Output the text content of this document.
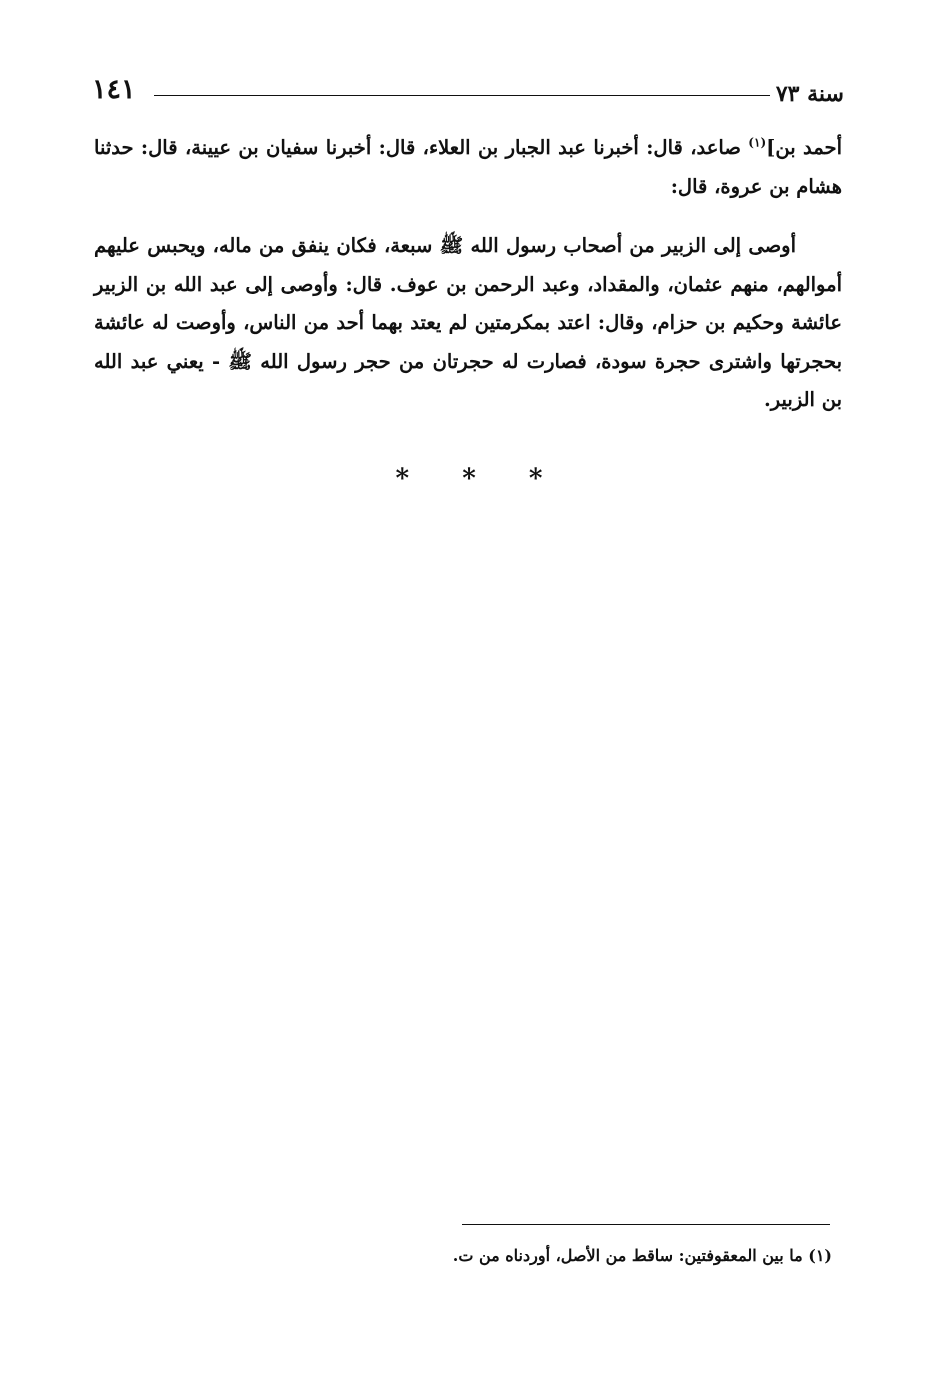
١٤١	سنة ٧٣
أحمد بن]$^{(١)}$ صاعد، قال: أخبرنا عبد الجبار بن العلاء، قال: أخبرنا سفيان بن عيينة، قال: حدثنا هشام بن عروة، قال:
أوصى إلى الزبير من أصحاب رسول الله ﷺ سبعة، فكان ينفق من ماله، ويحبس عليهم أموالهم، منهم عثمان، والمقداد، وعبد الرحمن بن عوف. قال: وأوصى إلى عبد الله بن الزبير عائشة وحكيم بن حزام، وقال: اعتد بمكرمتين لم يعتد بهما أحد من الناس، وأوصت له عائشة بحجرتها واشترى حجرة سودة، فصارت له حجرتان من حجر رسول الله ﷺ - يعني عبد الله بن الزبير.
* * *
(١) ما بين المعقوفتين: ساقط من الأصل، أوردناه من ت.
